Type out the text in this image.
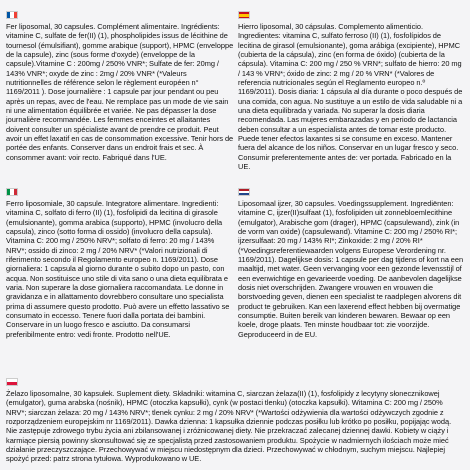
Fer liposomal, 30 capsules. Complément alimentaire. Ingrédients: vitamine C, sulfate de fer(II) (1), phospholipides issus de lécithine de tournesol (émulsifiant), gomme arabique (support), HPMC (enveloppe de la capsule), zinc (sous forme d'oxyde) (enveloppe de la capsule).Vitamine C : 200mg / 250% VNR*; Sulfate de fer: 20mg / 143% VNR*; oxyde de zinc : 2mg / 20% VNR* (*Valeurs nutritionnelles de référence selon le règlement européen n° 1169/2011 ). Dose journalière : 1 capsule par jour pendant ou peu après un repas, avec de l'eau. Ne remplace pas un mode de vie sain ni une alimentation équilibrée et variée. Ne pas dépasser la dose journalière recommandée. Les femmes enceintes et allaitantes doivent consulter un spécialiste avant de prendre ce produit. Peut avoir un effet laxatif en cas de consommation excessive. Tenir hors de portée des enfants. Conserver dans un endroit frais et sec. À consommer avant: voir recto. Fabriqué dans l'UE.

Hierro liposomal, 30 cápsulas. Complemento alimenticio. Ingredientes: vitamina C, sulfato ferroso (II) (1), fosfolípidos de lecitina de girasol (emulsionante), goma arábiga (excipiente), HPMC (cubierta de la cápsula), zinc (en forma de óxido) (cubierta de la cápsula). Vitamina C: 200 mg / 250 % VRN*; sulfato de hierro: 20 mg / 143 % VRN*; óxido de zinc: 2 mg / 20 % VRN* (*Valores de referencia nutricionales según el Reglamento europeo n.º 1169/2011). Dosis diaria: 1 cápsula al día durante o poco después de una comida, con agua. No sustituye a un estilo de vida saludable ni a una dieta equilibrada y variada. No superar la dosis diaria recomendada. Las mujeres embarazadas y en periodo de lactancia deben consultar a un especialista antes de tomar este producto. Puede tener efectos laxantes si se consume en exceso. Mantener fuera del alcance de los niños. Conservar en un lugar fresco y seco. Consumir preferentemente antes de: ver portada. Fabricado en la UE.

Ferro liposomiale, 30 capsule. Integratore alimentare. Ingredienti: vitamina C, solfato di ferro (II) (1), fosfolipidi da lecitina di girasole (emulsionante), gomma arabica (supporto), HPMC (involucro della capsula), zinco (sotto forma di ossido) (involucro della capsula). Vitamina C: 200 mg / 250% NRV*; solfato di ferro: 20 mg / 143% NRV*; ossido di zinco: 2 mg / 20% NRV* (*Valori nutrizionali di riferimento secondo il Regolamento europeo n. 1169/2011). Dose giornaliera: 1 capsula al giorno durante o subito dopo un pasto, con acqua. Non sostituisce uno stile di vita sano o una dieta equilibrata e varia. Non superare la dose giornaliera raccomandata. Le donne in gravidanza e in allattamento dovrebbero consultare uno specialista prima di assumere questo prodotto. Può avere un effetto lassativo se consumato in eccesso. Tenere fuori dalla portata dei bambini. Conservare in un luogo fresco e asciutto. Da consumarsi preferibilmente entro: vedi fronte. Prodotto nell'UE.

Liposomaal ijzer, 30 capsules. Voedingssupplement. Ingrediënten: vitamine C, ijzer(II)sulfaat (1), fosfolipiden uit zonnebloemlecithine (emulgator), Arabische gom (drager), HPMC (capsulewand), zink (in de vorm van oxide) (capsulewand). Vitamine C: 200 mg / 250% RI*; ijzersulfaat: 20 mg / 143% RI*; Zinkoxide: 2 mg / 20% RI* (*Voedingsreferentiewaarden volgens Europese Verordening nr. 1169/2011). Dagelijkse dosis: 1 capsule per dag tijdens of kort na een maaltijd, met water. Geen vervanging voor een gezonde levensstijl of een evenwichtige en gevarieerde voeding. De aanbevolen dagelijkse dosis niet overschrijden. Zwangere vrouwen en vrouwen die borstvoeding geven, dienen een specialist te raadplegen alvorens dit product te gebruiken. Kan een laxerend effect hebben bij overmatige consumptie. Buiten bereik van kinderen bewaren. Bewaar op een koele, droge plaats. Ten minste houdbaar tot: zie voorzijde. Geproduceerd in de EU.

Żelazo liposomalne, 30 kapsułek. Suplement diety. Składniki: witamina C, siarczan żelaza(II) (1), fosfolipidy z lecytyny słonecznikowej (emulgator), guma arabska (nośnik), HPMC (otoczka kapsułki), cynk (w postaci tlenku) (otoczka kapsułki). Witamina C: 200 mg / 250% NRV*; siarczan żelaza: 20 mg / 143% NRV*; tlenek cynku: 2 mg / 20% NRV* (*Wartości odżywienia dla wartości odżywczych zgodnie z rozporządzeniem europejskim nr 1169/2011). Dawka dzienna: 1 kapsułka dziennie podczas posiłku lub krótko po posiłku, popijając wodą. Nie zastępuje zdrowego trybu życia ani zbilansowanej i zróżnicowanej diety. Nie przekraczać zalecanej dziennej dawki. Kobiety w ciąży i karmiące piersią powinny skonsultować się ze specjalistą przed zastosowaniem produktu. Spożycie w nadmiernych ilościach może mieć działanie przeczyszczające. Przechowywać w miejscu niedostępnym dla dzieci. Przechowywać w chłodnym, suchym miejscu. Najlepiej spożyć przed: patrz strona tytułowa. Wyprodukowano w UE.
